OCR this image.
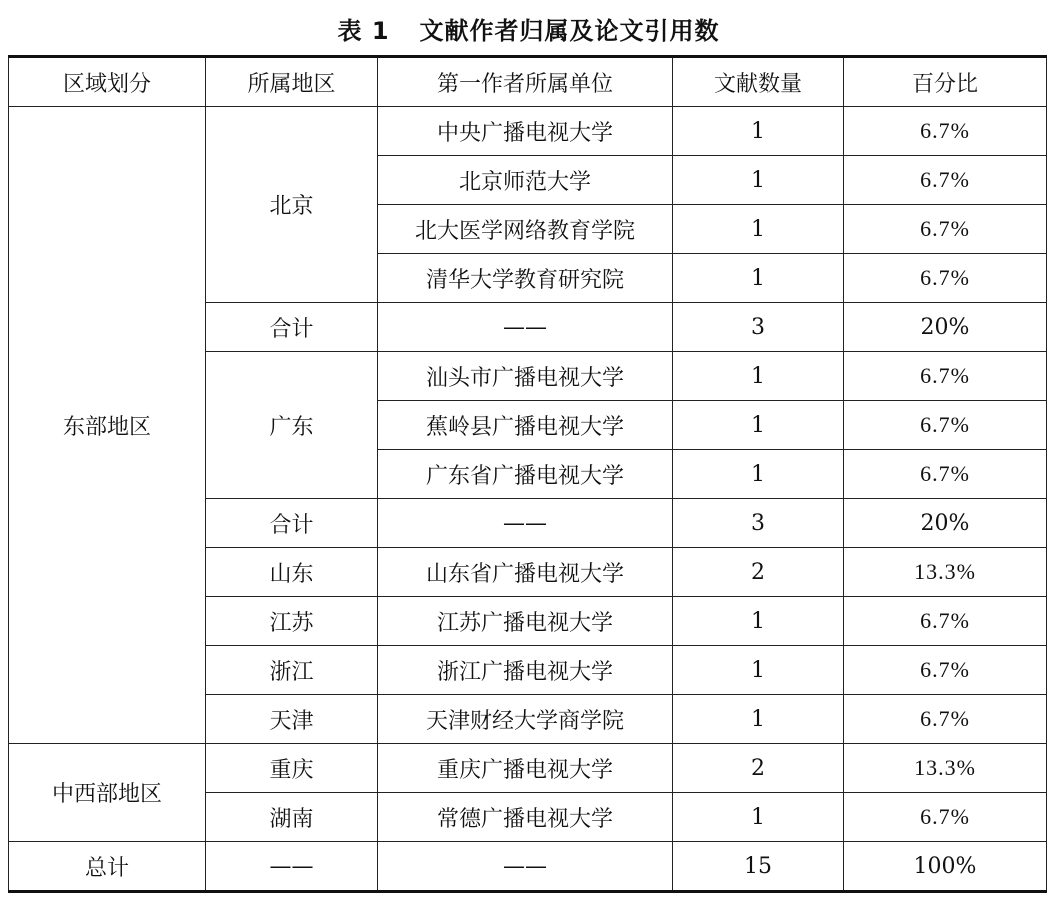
表 1 文献作者归属及论文引用数
区域划分	所属地区	第一作者所属单位	文献数量	百分比
东部地区	北京	中央广播电视大学	1	6.7%
		北京师范大学	1	6.7%
		北大医学网络教育学院	1	6.7%
		清华大学教育研究院	1	6.7%
	合计	——	3	20%
	广东	汕头市广播电视大学	1	6.7%
		蕉岭县广播电视大学	1	6.7%
		广东省广播电视大学	1	6.7%
	合计	——	3	20%
	山东	山东省广播电视大学	2	13.3%
	江苏	江苏广播电视大学	1	6.7%
	浙江	浙江广播电视大学	1	6.7%
	天津	天津财经大学商学院	1	6.7%
中西部地区	重庆	重庆广播电视大学	2	13.3%
	湖南	常德广播电视大学	1	6.7%
总计	——	——	15	100%
